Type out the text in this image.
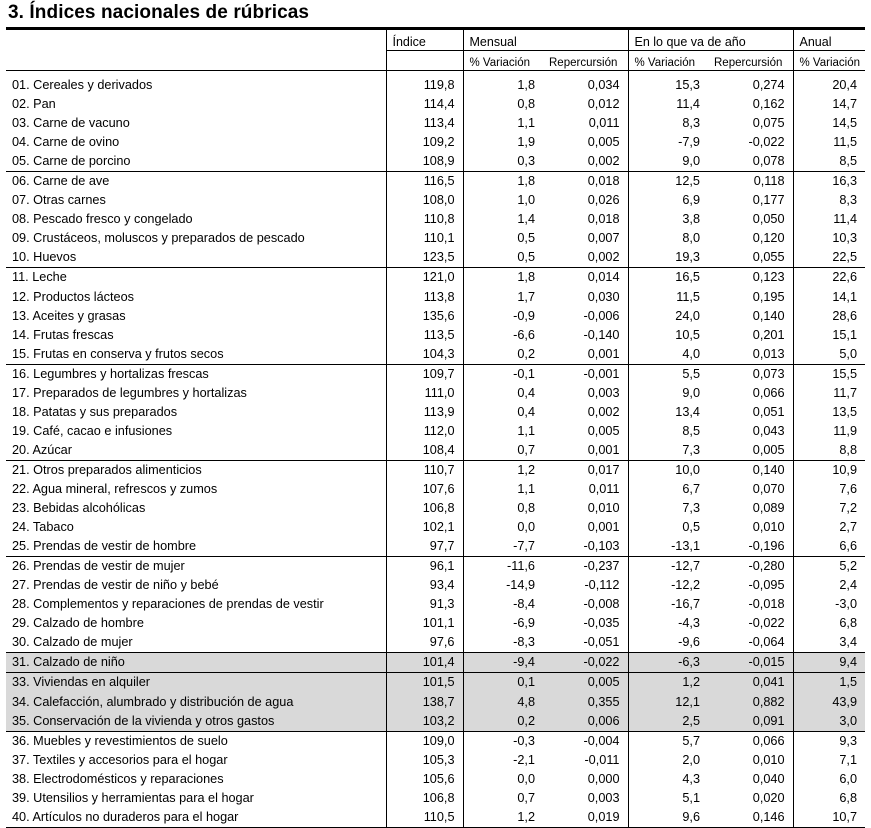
3. Índices nacionales de rúbricas
	Índice	Mensual		En lo que va de año		Anual
		% Variación	Repercursión	% Variación	Repercursión	% Variación

01. Cereales y derivados	119,8	1,8	0,034	15,3	0,274	20,4
02. Pan	114,4	0,8	0,012	11,4	0,162	14,7
03. Carne de vacuno	113,4	1,1	0,011	8,3	0,075	14,5
04. Carne de ovino	109,2	1,9	0,005	-7,9	-0,022	11,5
05. Carne de porcino	108,9	0,3	0,002	9,0	0,078	8,5
06. Carne de ave	116,5	1,8	0,018	12,5	0,118	16,3
07. Otras carnes	108,0	1,0	0,026	6,9	0,177	8,3
08. Pescado fresco y congelado	110,8	1,4	0,018	3,8	0,050	11,4
09. Crustáceos, moluscos y preparados de pescado	110,1	0,5	0,007	8,0	0,120	10,3
10. Huevos	123,5	0,5	0,002	19,3	0,055	22,5
11. Leche	121,0	1,8	0,014	16,5	0,123	22,6
12. Productos lácteos	113,8	1,7	0,030	11,5	0,195	14,1
13. Aceites y grasas	135,6	-0,9	-0,006	24,0	0,140	28,6
14. Frutas frescas	113,5	-6,6	-0,140	10,5	0,201	15,1
15. Frutas en conserva y frutos secos	104,3	0,2	0,001	4,0	0,013	5,0
16. Legumbres y hortalizas frescas	109,7	-0,1	-0,001	5,5	0,073	15,5
17. Preparados de legumbres y hortalizas	111,0	0,4	0,003	9,0	0,066	11,7
18. Patatas y sus preparados	113,9	0,4	0,002	13,4	0,051	13,5
19. Café, cacao e infusiones	112,0	1,1	0,005	8,5	0,043	11,9
20. Azúcar	108,4	0,7	0,001	7,3	0,005	8,8
21. Otros preparados alimenticios	110,7	1,2	0,017	10,0	0,140	10,9
22. Agua mineral, refrescos y zumos	107,6	1,1	0,011	6,7	0,070	7,6
23. Bebidas alcohólicas	106,8	0,8	0,010	7,3	0,089	7,2
24. Tabaco	102,1	0,0	0,001	0,5	0,010	2,7
25. Prendas de vestir de hombre	97,7	-7,7	-0,103	-13,1	-0,196	6,6
26. Prendas de vestir de mujer	96,1	-11,6	-0,237	-12,7	-0,280	5,2
27. Prendas de vestir de niño y bebé	93,4	-14,9	-0,112	-12,2	-0,095	2,4
28. Complementos y reparaciones de prendas de vestir	91,3	-8,4	-0,008	-16,7	-0,018	-3,0
29. Calzado de hombre	101,1	-6,9	-0,035	-4,3	-0,022	6,8
30. Calzado de mujer	97,6	-8,3	-0,051	-9,6	-0,064	3,4
31. Calzado de niño	101,4	-9,4	-0,022	-6,3	-0,015	9,4
33. Viviendas en alquiler	101,5	0,1	0,005	1,2	0,041	1,5
34. Calefacción, alumbrado y distribución de agua	138,7	4,8	0,355	12,1	0,882	43,9
35. Conservación de la vivienda y otros gastos	103,2	0,2	0,006	2,5	0,091	3,0
36. Muebles y revestimientos de suelo	109,0	-0,3	-0,004	5,7	0,066	9,3
37. Textiles y accesorios para el hogar	105,3	-2,1	-0,011	2,0	0,010	7,1
38. Electrodomésticos y reparaciones	105,6	0,0	0,000	4,3	0,040	6,0
39. Utensilios y herramientas para el hogar	106,8	0,7	0,003	5,1	0,020	6,8
40. Artículos no duraderos para el hogar	110,5	1,2	0,019	9,6	0,146	10,7
